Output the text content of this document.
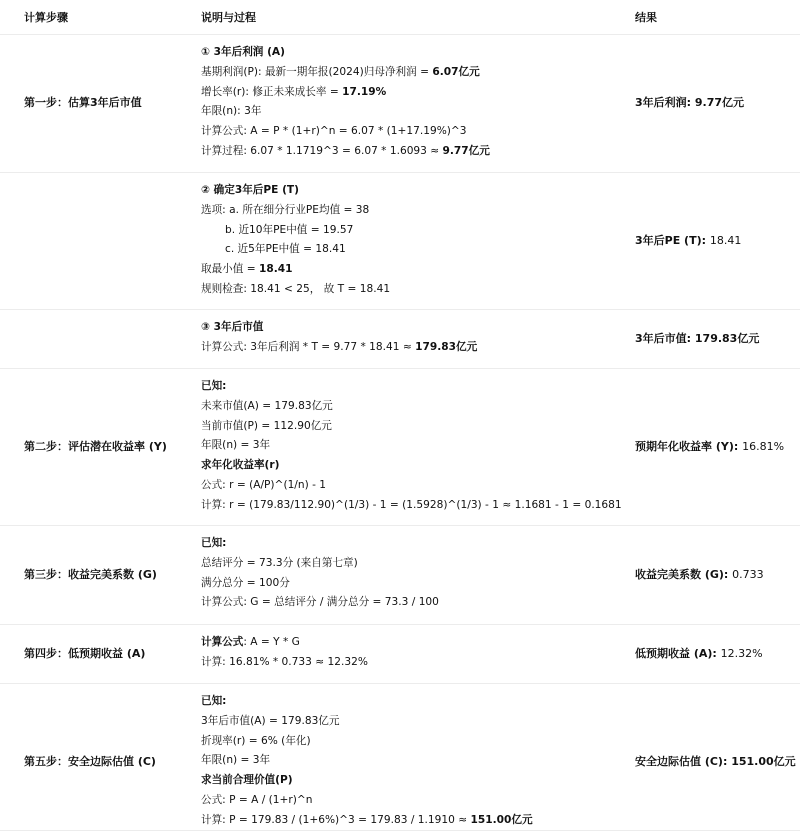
计算步骤	说明与过程	结果
第一步：估算3年后市值
① 3年后利润 (A)
基期利润(P): 最新一期年报(2024)归母净利润 = 6.07亿元
增长率(r): 修正未来成长率 = 17.19%
年限(n): 3年
计算公式: A = P * (1+r)^n = 6.07 * (1+17.19%)^3
计算过程: 6.07 * 1.1719^3 = 6.07 * 1.6093 ≈ 9.77亿元
3年后利润: 9.77亿元
② 确定3年后PE (T)
选项: a. 所在细分行业PE均值 = 38
b. 近10年PE中值 = 19.57
c. 近5年PE中值 = 18.41
取最小值 = 18.41
规则检查: 18.41 < 25， 故 T = 18.41
3年后PE (T): 18.41
③ 3年后市值
计算公式: 3年后利润 * T = 9.77 * 18.41 ≈ 179.83亿元
3年后市值: 179.83亿元
第二步：评估潜在收益率 (Y)
已知:
未来市值(A) = 179.83亿元
当前市值(P) = 112.90亿元
年限(n) = 3年
求年化收益率(r)
公式: r = (A/P)^(1/n) - 1
计算: r = (179.83/112.90)^(1/3) - 1 = (1.5928)^(1/3) - 1 ≈ 1.1681 - 1 = 0.1681
预期年化收益率 (Y): 16.81%
第三步：收益完美系数 (G)
已知:
总结评分 = 73.3分 (来自第七章)
满分总分 = 100分
计算公式: G = 总结评分 / 满分总分 = 73.3 / 100
收益完美系数 (G): 0.733
第四步：低预期收益 (A)
计算公式: A = Y * G
计算: 16.81% * 0.733 ≈ 12.32%
低预期收益 (A): 12.32%
第五步：安全边际估值 (C)
已知:
3年后市值(A) = 179.83亿元
折现率(r) = 6% (年化)
年限(n) = 3年
求当前合理价值(P)
公式: P = A / (1+r)^n
计算: P = 179.83 / (1+6%)^3 = 179.83 / 1.1910 ≈ 151.00亿元
安全边际估值 (C): 151.00亿元
